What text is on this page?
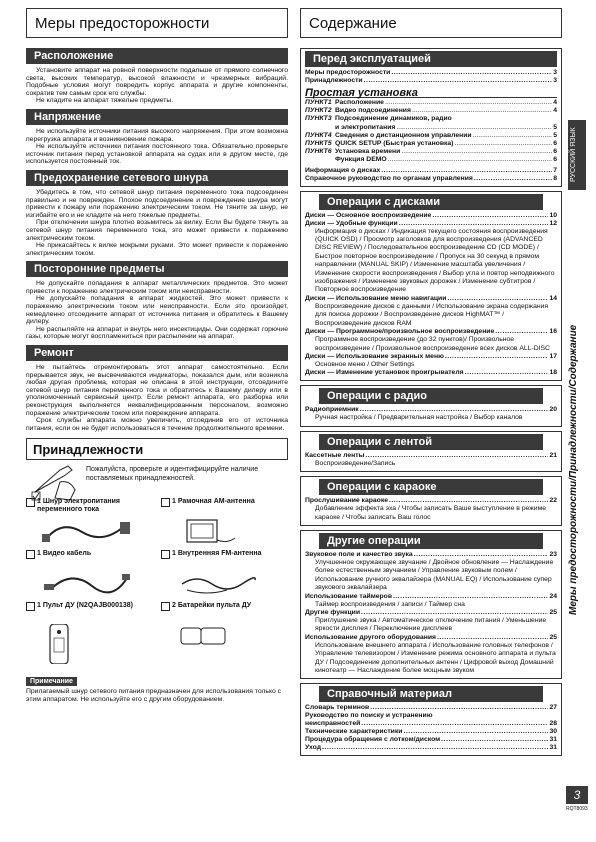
Меры предосторожности
Расположение
Установите аппарат на ровной поверхности подальше от прямого солнечного света, высоких температур, высокой влажности и чрезмерных вибраций. Подобные условия могут повредить корпус аппарата и другие компоненты, сократив тем самым срок его службы.
Не кладите на аппарат тяжелые предметы.
Напряжение
Не используйте источники питания высокого напряжения. При этом возможна перегрузка аппарата и возникновение пожара.
Не используйте источники питания постоянного тока. Обязательно проверьте источник питания перед установкой аппарата на судах или в другом месте, где используется постоянный ток.
Предохранение сетевого шнура
Убедитесь в том, что сетевой шнур питания переменного тока подсоединен правильно и не поврежден. Плохое подсоединение и повреждение шнура могут привести к пожару или поражению электрическим током. Не тяните за шнур, не изгибайте его и не кладите на него тяжелые предметы.
При отключении шнура плотно возьмитесь за вилку. Если Вы будете тянуть за сетевой шнур питания переменного тока, это может привести к поражению электрическим током.
Не прикасайтесь к вилке мокрыми руками. Это может привести к поражению электрическим током.
Посторонние предметы
Не допускайте попадания в аппарат металлических предметов. Это может привести к поражению электрическим током или неисправности.
Не допускайте попадания в аппарат жидкостей. Это может привести к поражению электрическим током или неисправности. Если это произойдет, немедленно отсоедините аппарат от источника питания и обратитесь к Вашему дилеру.
Не распыляйте на аппарат и внутрь него инсектициды. Они содержат горючие газы, которые могут воспламениться при распылении на аппарат.
Ремонт
Не пытайтесь отремонтировать этот аппарат самостоятельно. Если прерывается звук, не высвечиваются индикаторы, показался дым, или возникла любая другая проблема, которая не описана в этой инструкции, отсоедините сетевой шнур питания переменного тока и обратитесь к Вашему дилеру или в уполномоченный сервисный центр. Если ремонт аппарата, его разборка или реконструкция выполняется неквалифицированным персоналом, возможно поражение электрическим током или повреждение аппарата.
Срок службы аппарата можно увеличить, отсоединив его от источника питания, если он не будет использоваться в течение продолжительного времени.
Принадлежности
Пожалуйста, проверьте и идентифицируйте наличие поставляемых принадлежностей.
1 Шнур электропитания переменного тока
1 Рамочная AM-антенна
1 Видео кабель	1 Внутренняя FM-антенна
1 Пульт ДУ (N2QAJB000138)	2 Батарейки пульта ДУ
Примечание
Прилагаемый шнур сетевого питания предназначен для использования только с этим аппаратом. Не используйте его с другим оборудованием.
Содержание
Перед эксплуатацией
Меры предосторожности .....	3
Принадлежности .....	3
Простая установка
ПУНКТ1 Расположение .....	4
ПУНКТ2 Видео подсоединения .....	4
ПУНКТ3 Подсоединение динамиков, радио
и электропитания .....	5
ПУНКТ4 Сведения о дистанционном управлении .....	5
ПУНКТ5 QUICK SETUP (Быстрая установка) .....	6
ПУНКТ6 Установка времени .....	6
Функция DEMO .....	6
Информация о дисках .....	7
Справочное руководство по органам управления .....	8
Операции с дисками
Диски — Основное воспроизведение .....	10
Диски — Удобные функции .....	12
Информация о дисках / Индикация текущего состояния воспроизведения (QUICK OSD) / Просмотр заголовков для воспроизведения (ADVANCED DISC REVIEW) / Последовательное воспроизведение CD (CD MODE) / Быстрое повторное воспроизведение / Пропуск на 30 секунд в прямом направлении (MANUAL SKIP) / Изменение масштаба увеличения / Изменение скорости воспроизведения / Выбор угла и повтор неподвижного изображения / Изменение звуковых дорожек / Изменение субтитров / Повторное воспроизведение
Диски — Использование меню навигации .....	14
Воспроизведение дисков с данными / Использование экрана содержания для поиска дорожки / Воспроизведение дисков HighMAT™ / Воспроизведение дисков RAM
Диски — Программное/произвольное воспроизведение .....	16
Программное воспроизведение (до 32 пунктов)/ Произвольное воспроизведение / Произвольное воспроизведение всех дисков ALL-DISC
Диски — Использование экранных меню .....	17
Основное меню / Other Settings
Диски — Изменение установок проигрывателя .....	18
Операции с радио
Радиоприемник .....	20
Ручная настройка / Предварительная настройка / Выбор каналов
Операции с лентой
Кассетные ленты .....	21
Воспроизведение/Запись
Операции с караоке
Прослушивание караоке .....	22
Добавление эффекта эха / Чтобы записать Ваше выступление в режиме караоке / Чтобы записать Ваш голос
Другие операции
Звуковое поле и качество звука .....	23
Улучшенное окружающее звучание / Двойное обновление — Наслаждение более естественным звучанием / Управление звуковым полем / Использование ручного эквалайзера (MANUAL EQ) / Использование супер звукового эквалайзера
Использование таймеров .....	24
Таймер воспроизведения / записи / Таймер сна
Другие функции .....	25
Приглушение звука / Автоматическое отключение питания / Уменьшение яркости дисплея / Переключение дисплеев
Использование другого оборудования .....	25
Использование внешнего аппарата / Использование головных телефонов / Управление телевизором / Изменение режима основного аппарата и пульта ДУ / Подсоединение дополнительных антенн / Цифровой выход Домашний кинотеатр — Наслаждение более мощным звуком
Справочный материал
Словарь терминов .....	27
Руководство по поиску и устранению
неисправностей .....	28
Технические характеристики .....	30
Процедура обращения с лотком/диском .....	31
Уход .....	31
РУССКИЙ ЯЗЫК
Меры предосторожности/Принадлежности/Содержание
3
RQT8093
